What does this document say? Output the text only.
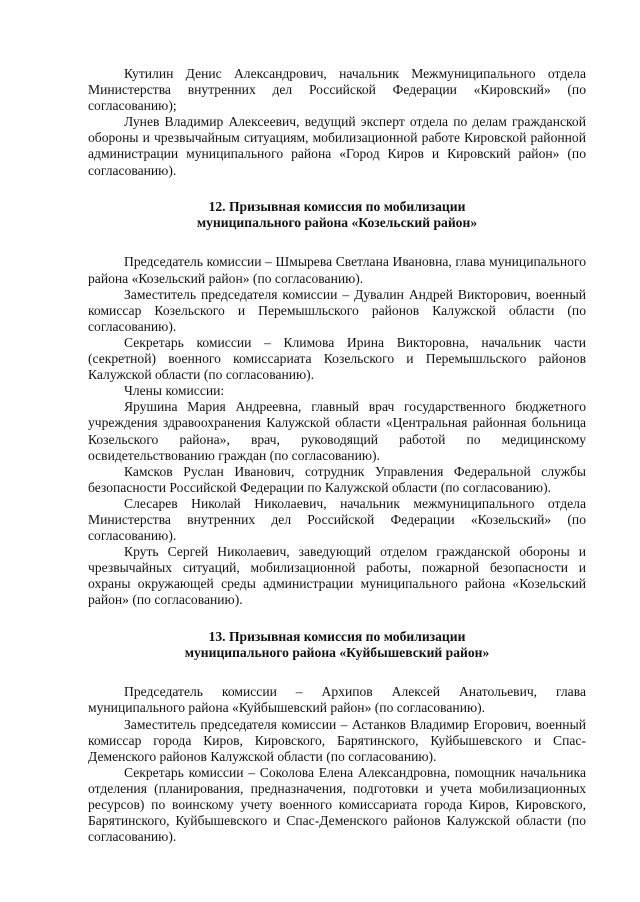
Кутилин Денис Александрович, начальник Межмуниципального отдела Министерства внутренних дел Российской Федерации «Кировский» (по согласованию);

Лунев Владимир Алексеевич, ведущий эксперт отдела по делам гражданской обороны и чрезвычайным ситуациям, мобилизационной работе Кировской районной администрации муниципального района «Город Киров и Кировский район» (по согласованию).

12. Призывная комиссия по мобилизации
муниципального района «Козельский район»

Председатель комиссии – Шмырева Светлана Ивановна, глава муниципального района «Козельский район» (по согласованию).

Заместитель председателя комиссии – Дувалин Андрей Викторович, военный комиссар Козельского и Перемышльского районов Калужской области (по согласованию).

Секретарь комиссии – Климова Ирина Викторовна, начальник части (секретной) военного комиссариата Козельского и Перемышльского районов Калужской области (по согласованию).

Члены комиссии:

Ярушина Мария Андреевна, главный врач государственного бюджетного учреждения здравоохранения Калужской области «Центральная районная больница Козельского района», врач, руководящий работой по медицинскому освидетельствованию граждан (по согласованию).

Камсков Руслан Иванович, сотрудник Управления Федеральной службы безопасности Российской Федерации по Калужской области (по согласованию).

Слесарев Николай Николаевич, начальник межмуниципального отдела Министерства внутренних дел Российской Федерации «Козельский» (по согласованию).

Круть Сергей Николаевич, заведующий отделом гражданской обороны и чрезвычайных ситуаций, мобилизационной работы, пожарной безопасности и охраны окружающей среды администрации муниципального района «Козельский район» (по согласованию).

13. Призывная комиссия по мобилизации
муниципального района «Куйбышевский район»

Председатель комиссии – Архипов Алексей Анатольевич, глава муниципального района «Куйбышевский район» (по согласованию).

Заместитель председателя комиссии – Астанков Владимир Егорович, военный комиссар города Киров, Кировского, Барятинского, Куйбышевского и Спас-Деменского районов Калужской области (по согласованию).

Секретарь комиссии – Соколова Елена Александровна, помощник начальника отделения (планирования, предназначения, подготовки и учета мобилизационных ресурсов) по воинскому учету военного комиссариата города Киров, Кировского, Барятинского, Куйбышевского и Спас-Деменского районов Калужской области (по согласованию).
